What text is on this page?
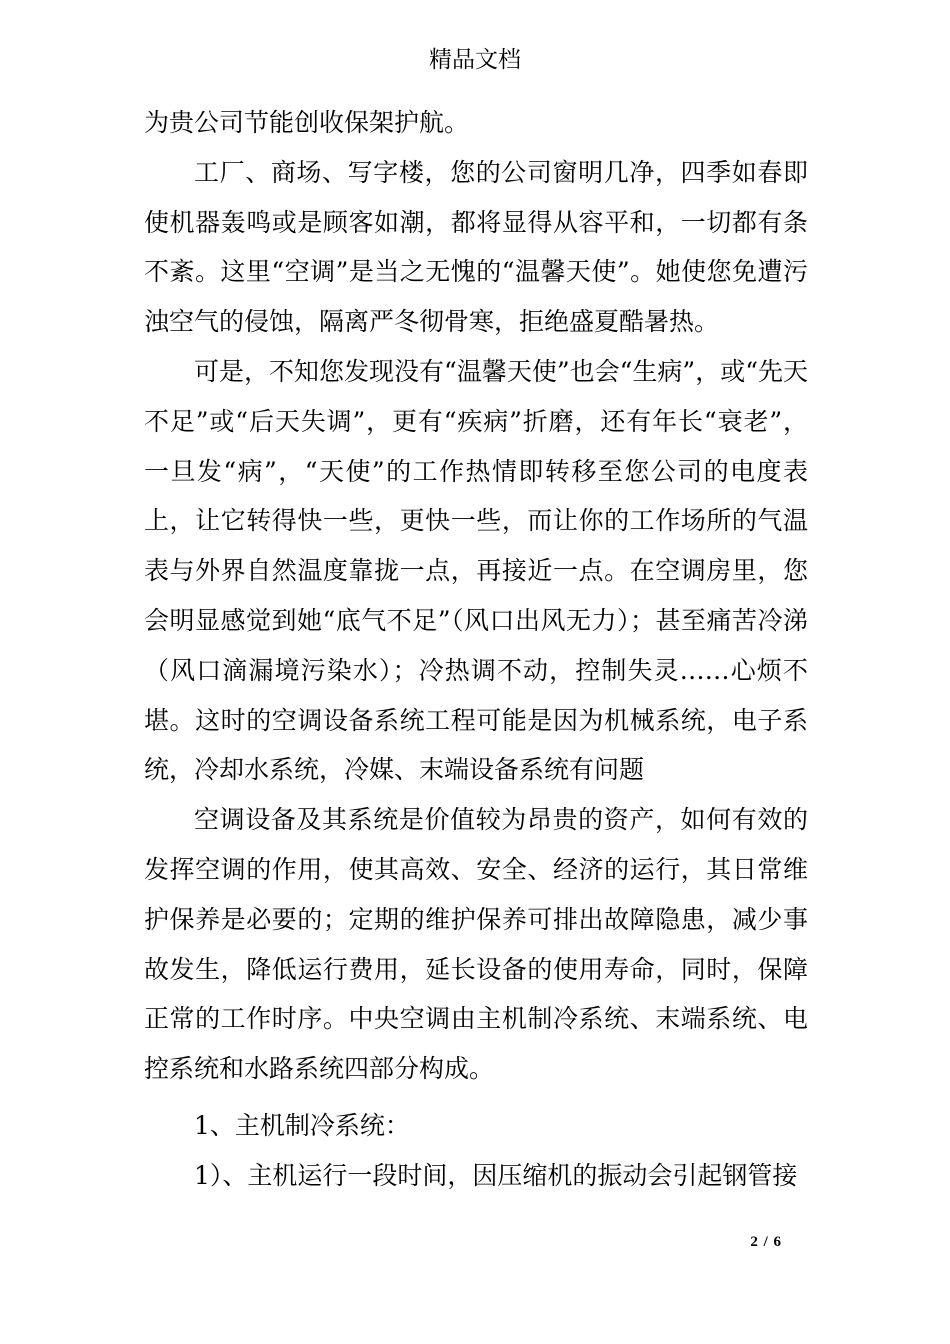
精品文档

为贵公司节能创收保架护航。

工厂、商场、写字楼，您的公司窗明几净，四季如春即使机器轰鸣或是顾客如潮，都将显得从容平和，一切都有条不紊。这里“空调”是当之无愧的“温馨天使”。她使您免遭污浊空气的侵蚀，隔离严冬彻骨寒，拒绝盛夏酷暑热。

可是，不知您发现没有“温馨天使”也会“生病”，或“先天不足”或“后天失调”，更有“疾病”折磨，还有年长“衰老”，一旦发“病”，“天使”的工作热情即转移至您公司的电度表上，让它转得快一些，更快一些，而让你的工作场所的气温表与外界自然温度靠拢一点，再接近一点。在空调房里，您会明显感觉到她“底气不足”（风口出风无力）；甚至痛苦冷涕（风口滴漏境污染水）；冷热调不动，控制失灵……心烦不堪。这时的空调设备系统工程可能是因为机械系统，电子系统，冷却水系统，冷媒、末端设备系统有问题

空调设备及其系统是价值较为昂贵的资产，如何有效的发挥空调的作用，使其高效、安全、经济的运行，其日常维护保养是必要的；定期的维护保养可排出故障隐患，减少事故发生，降低运行费用，延长设备的使用寿命，同时，保障正常的工作时序。中央空调由主机制冷系统、末端系统、电控系统和水路系统四部分构成。

1、主机制冷系统：

1）、主机运行一段时间，因压缩机的振动会引起钢管接

2 / 6
